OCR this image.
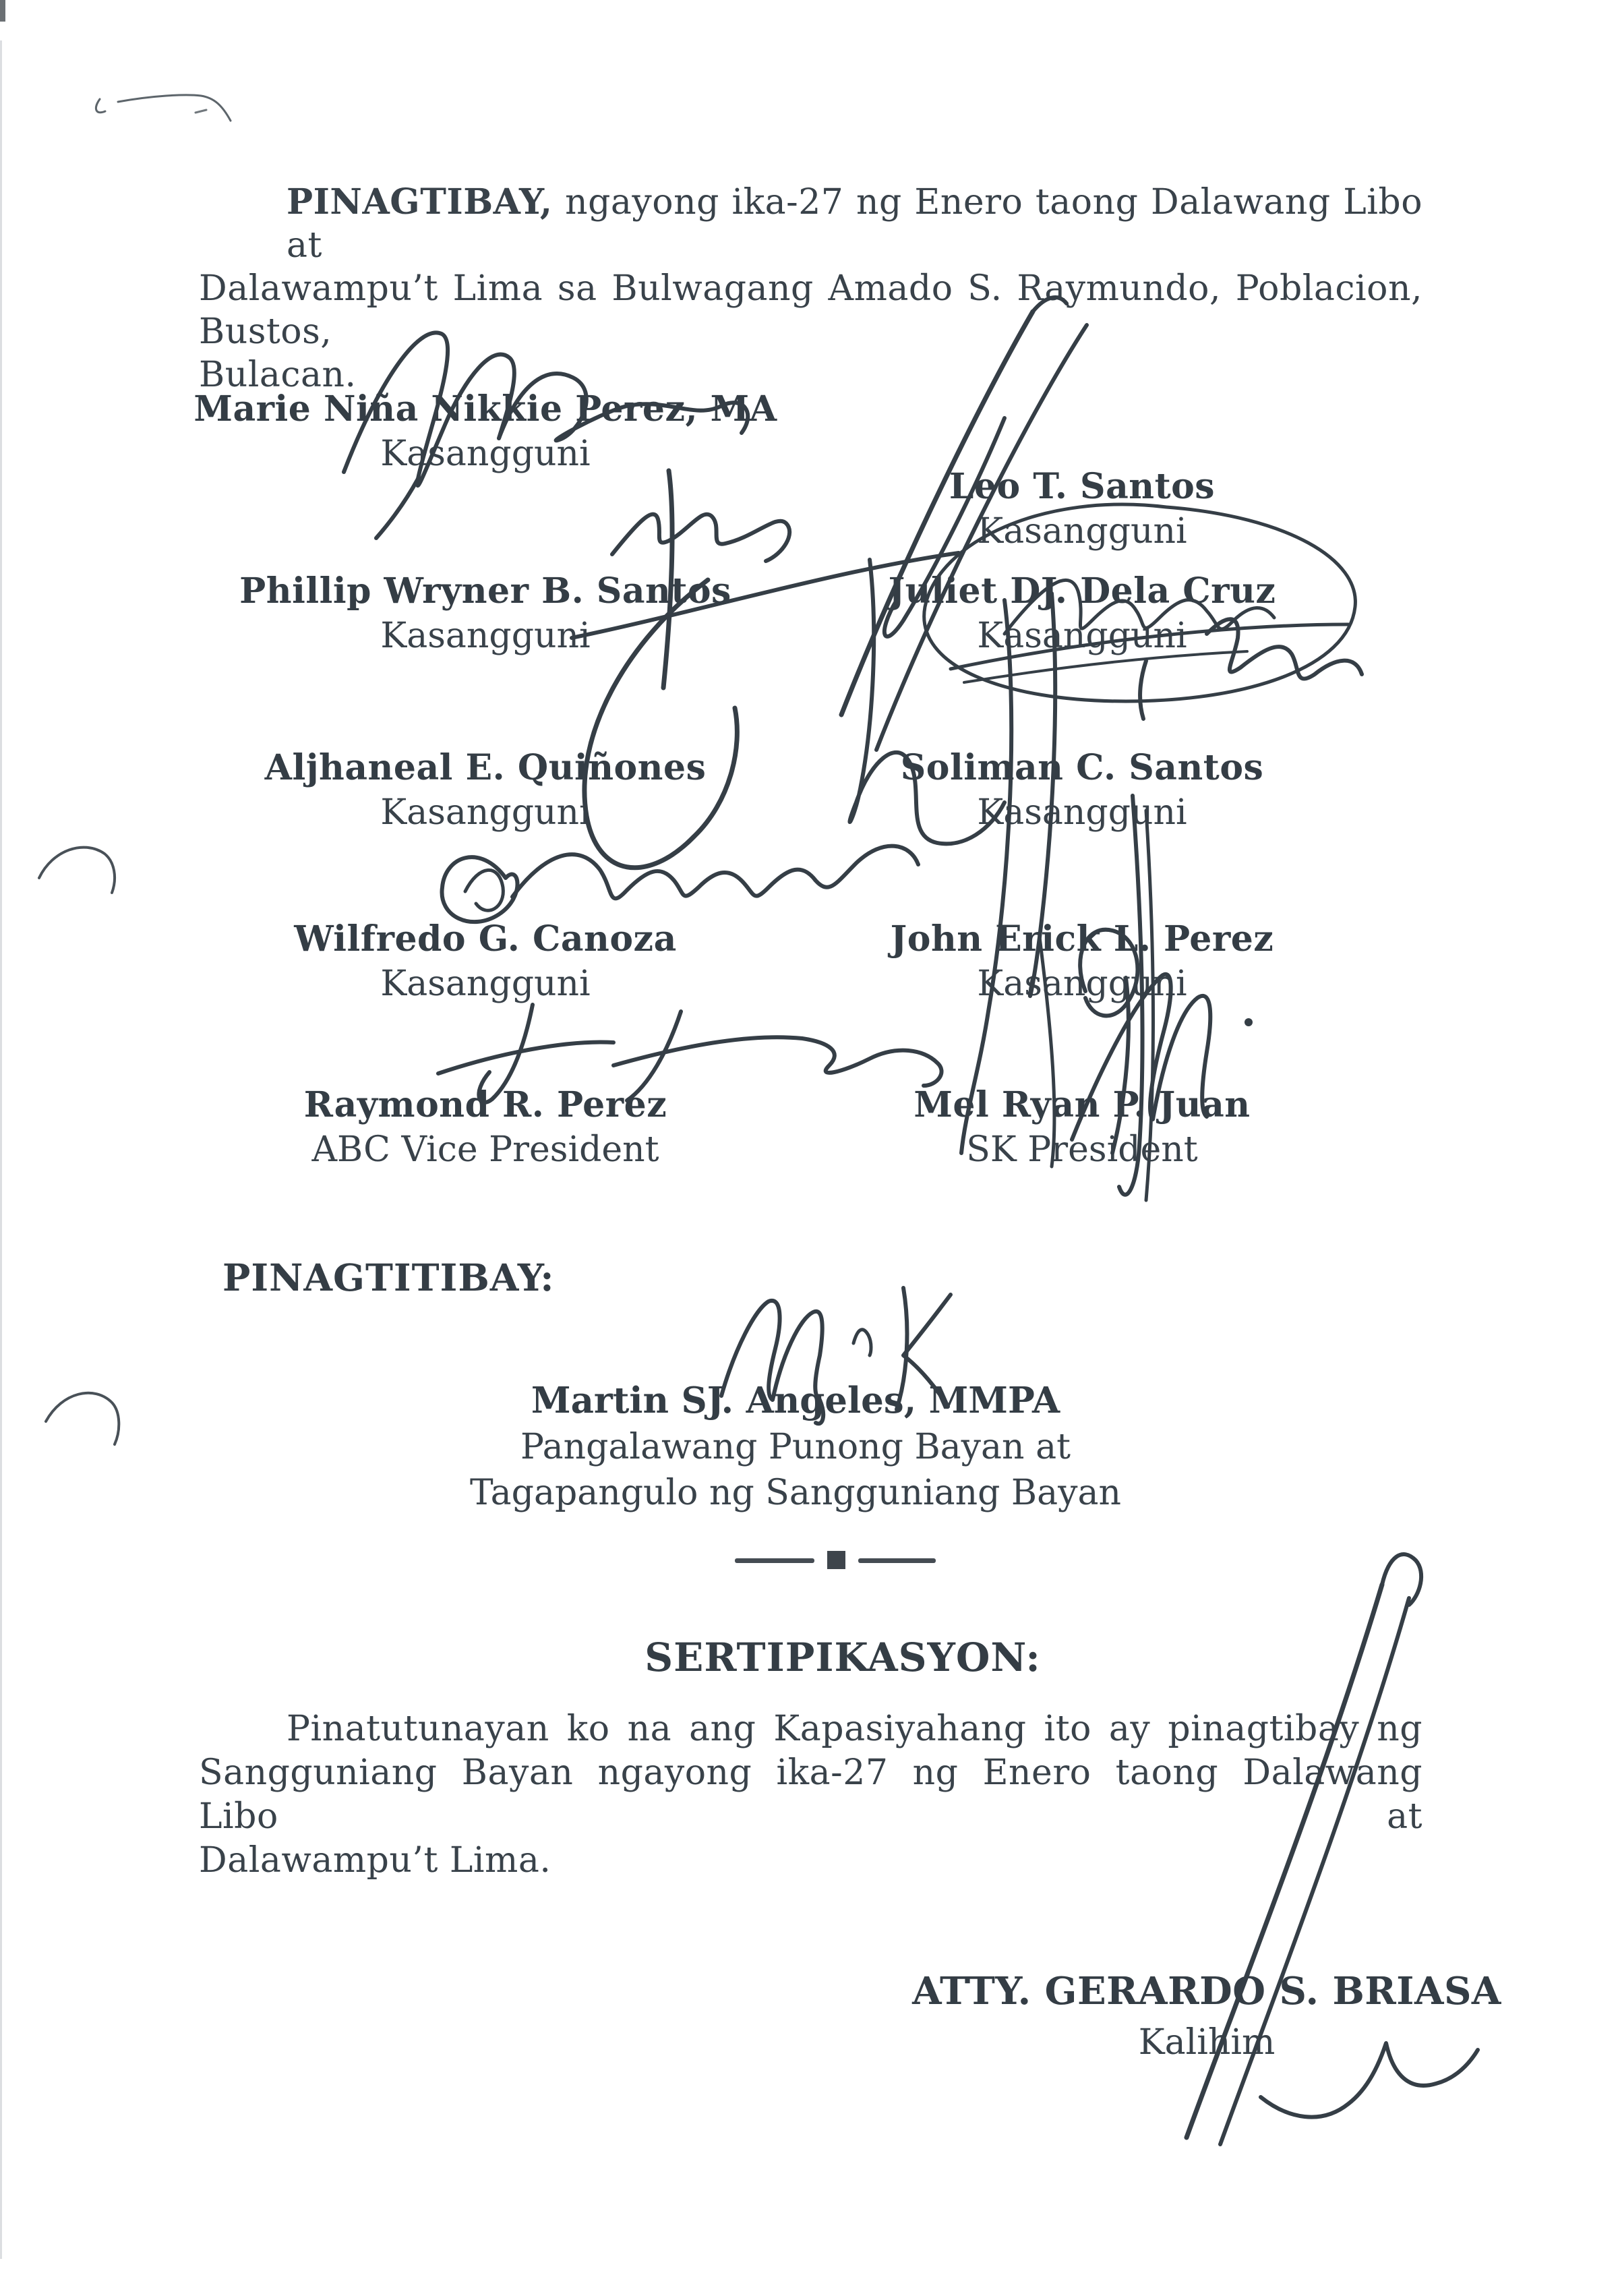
PINAGTIBAY, ngayong ika-27 ng Enero taong Dalawang Libo at
Dalawampu’t Lima sa Bulwagang Amado S. Raymundo, Poblacion, Bustos,
Bulacan.
Marie Niña Nikkie Perez, MA
Kasangguni
Phillip Wryner B. Santos
Kasangguni
Aljhaneal E. Quiñones
Kasangguni
Wilfredo G. Canoza
Kasangguni
Raymond R. Perez
ABC Vice President
Leo T. Santos
Kasangguni
Juliet DJ. Dela Cruz
Kasangguni
Soliman C. Santos
Kasangguni
John Erick L. Perez
Kasangguni
Mel Ryan P. Juan
SK President
PINAGTITIBAY:
Martin SJ. Angeles, MMPA
Pangalawang Punong Bayan at
Tagapangulo ng Sangguniang Bayan
SERTIPIKASYON:
Pinatutunayan ko na ang Kapasiyahang ito ay pinagtibay ng
Sangguniang Bayan ngayong ika-27 ng Enero taong Dalawang Libo at
Dalawampu’t Lima.
ATTY. GERARDO S. BRIASA
Kalihim
